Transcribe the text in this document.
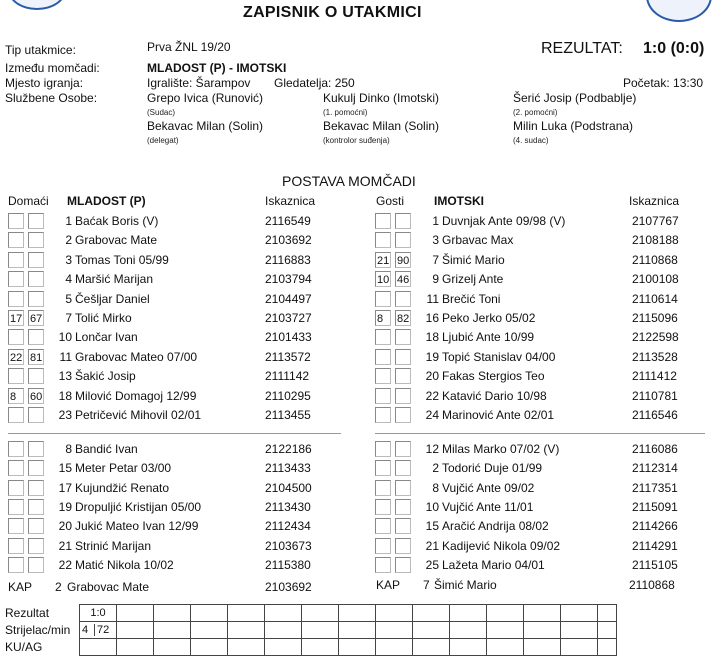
ZAPISNIK O UTAKMICI
Tip utakmice:	Prva ŽNL 19/20	REZULTAT: 1:0 (0:0)
Između momčadi:	MLADOST (P) - IMOTSKI
Mjesto igranja:	Igralište: Šarampov Gledatelja: 250	Početak: 13:30
Službene Osobe:	Grepo Ivica (Runović)
(Sudac)
Kukulj Dinko (Imotski)
(1. pomoćni)
Šerić Josip (Podbablje)
(2. pomoćni)
Bekavac Milan (Solin)
(delegat)
Bekavac Milan (Solin)
(kontrolor suđenja)
Milin Luka (Podstrana)
(4. sudac)
POSTAVA MOMČADI
Domaći MLADOST (P)	Iskaznica	Gosti IMOTSKI	Iskaznica
1 Baćak Boris (V)	2116549
2 Grabovac Mate	2103692
3 Tomas Toni 05/99	2116883
4 Maršić Marijan	2103794
5 Češljar Daniel	2104497
17 67	7 Tolić Mirko	2103727
10 Lončar Ivan	2101433
22 81	11 Grabovac Mateo 07/00	2113572
13 Šakić Josip	2111142
8	60	18 Milović Domagoj 12/99	2110295
23 Petričević Mihovil 02/01	2113455
1 Duvnjak Ante 09/98 (V)	2107767
3 Grbavac Max	2108188
21 90	7 Šimić Mario	2110868
10 46	9 Grizelj Ante	2100108
11 Brečić Toni	2110614
8	82	16 Peko Jerko 05/02	2115096
18 Ljubić Ante 10/99	2122598
19 Topić Stanislav 04/00	2113528
20 Fakas Stergios Teo	2111412
22 Katavić Dario 10/98	2110781
24 Marinović Ante 02/01	2116546
8 Bandić Ivan	2122186
15 Meter Petar 03/00	2113433
17 Kujundžić Renato	2104500
19 Dropuljić Kristijan 05/00	2113430
20 Jukić Mateo Ivan 12/99	2112434
21 Strinić Marijan	2103673
22 Matić Nikola 10/02	2115380
12 Milas Marko 07/02 (V)	2116086
2 Todorić Duje 01/99	2112314
8 Vujčić Ante 09/02	2117351
10 Vujčić Ante 11/01	2115091
15 Aračić Andrija 08/02	2114266
21 Kadijević Nikola 09/02	2114291
25 Lažeta Mario 04/01	2115105
KAP 2 Grabovac Mate	2103692	KAP 7 Šimić Mario	2110868
Rezultat	1:0														
Strijelac/min	4 72														
KU/AG															
